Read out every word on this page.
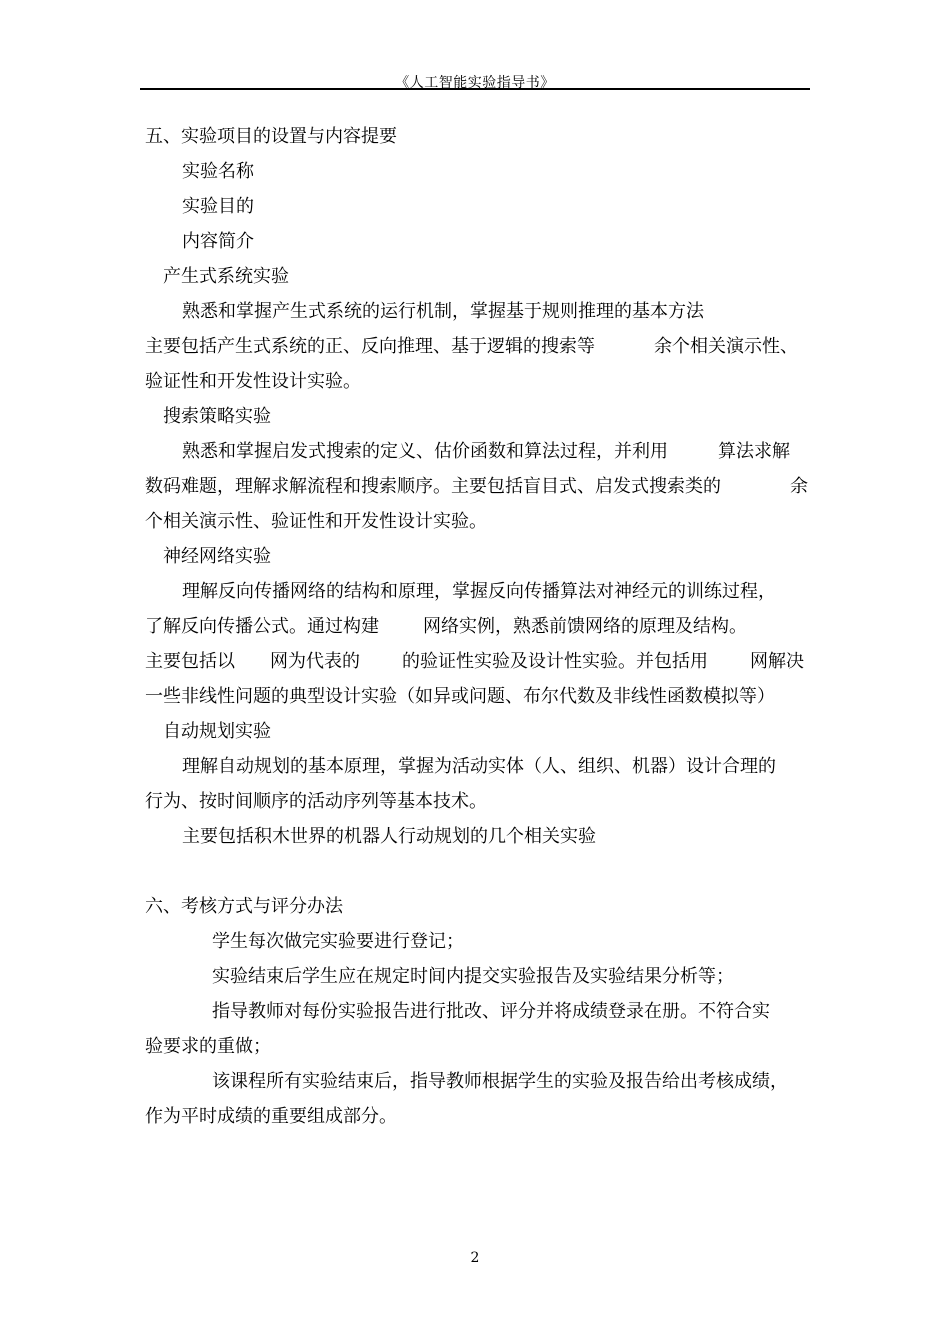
《人工智能实验指导书》
五、实验项目的设置与内容提要
实验名称
实验目的
内容简介
产生式系统实验
熟悉和掌握产生式系统的运行机制，掌握基于规则推理的基本方法
主要包括产生式系统的正、反向推理、基于逻辑的搜索等	余个相关演示性、
验证性和开发性设计实验。
搜索策略实验
熟悉和掌握启发式搜索的定义、估价函数和算法过程，并利用	算法求解
数码难题，理解求解流程和搜索顺序。主要包括盲目式、启发式搜索类的	余
个相关演示性、验证性和开发性设计实验。
神经网络实验
理解反向传播网络的结构和原理，掌握反向传播算法对神经元的训练过程，
了解反向传播公式。通过构建 网络实例，熟悉前馈网络的原理及结构。
主要包括以 网为代表的 的验证性实验及设计性实验。并包括用 网解决
一些非线性问题的典型设计实验（如异或问题、布尔代数及非线性函数模拟等）
自动规划实验
理解自动规划的基本原理，掌握为活动实体（人、组织、机器）设计合理的
行为、按时间顺序的活动序列等基本技术。
主要包括积木世界的机器人行动规划的几个相关实验
六、考核方式与评分办法
学生每次做完实验要进行登记；
实验结束后学生应在规定时间内提交实验报告及实验结果分析等；
指导教师对每份实验报告进行批改、评分并将成绩登录在册。不符合实
验要求的重做；
该课程所有实验结束后，指导教师根据学生的实验及报告给出考核成绩，
作为平时成绩的重要组成部分。
2
